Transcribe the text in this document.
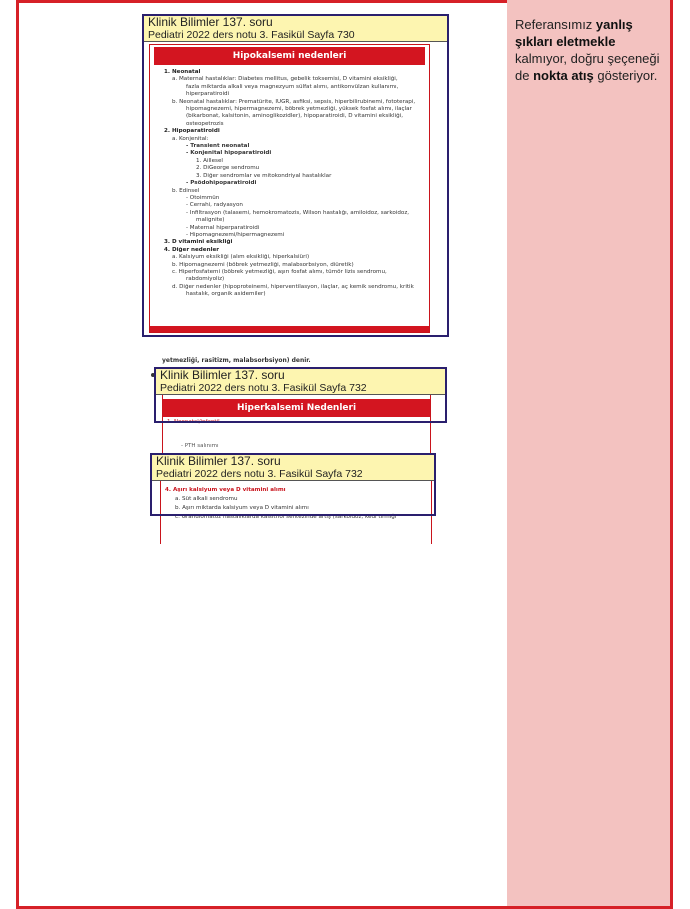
Referansımız yanlış şıkları eletmekle kalmıyor, doğru şeçeneği de nokta atış gösteriyor.
Hipokalsemi nedenleri
1. Neonatal
a. Maternal hastalıklar: Diabetes mellitus, gebelik toksemisi, D vitamini eksikliği,
fazla miktarda alkali veya magnezyum sülfat alımı, antikonvülzan kullanımı,
hiperparatiroidi
b. Neonatal hastalıklar: Prematürite, IUGR, asfiksi, sepsis, hiperbilirubinemi, fototerapi,
hipomagnezemi, hipermagnezemi, böbrek yetmezliği, yüksek fosfat alımı, ilaçlar
(bikarbonat, kalsitonin, aminoglikozidler), hipoparatiroidi, D vitamini eksikliği,
osteopetrozis
2. Hipoparatiroidi
a. Konjenital:
- Transient neonatal
- Konjenital hipoparatiroidi
1. Aillesel
2. DiGeorge sendromu
3. Diğer sendromlar ve mitokondriyal hastalıklar
- Psödohipoparatiroidi
b. Edinsel
- Otoimmün
- Cerrahi, radyasyon
- İnfiltrasyon (talasemi, hemokromatozis, Wilson hastalığı, amiloidoz, sarkoidoz,
malignite)
- Maternal hiperparatiroidi
- Hipomagnezemi/hipermagnezemi
3. D vitamini eksikliği
4. Diğer nedenler
a. Kalsiyum eksikliği (alım eksikliği, hiperkalsiüri)
b. Hipomagnezemi (böbrek yetmezliği, malabsorbsiyon, diüretik)
c. Hiperfosfatemi (böbrek yetmezliği, aşırı fosfat alımı, tümör lizis sendromu,
rabdomiyoliz)
d. Diğer nedenler (hipoproteinemi, hiperventilasyon, ilaçlar, aç kemik sendromu, kritik
hastalık, organik asidemiler)
yetmezliği, rasitizm, malabsorbsiyon) denir.
Hiperkalsemi Nedenleri
1. Neonatal/infantil
- PTH salınımı
4. Aşırı kalsiyum veya D vitamini alımı
a. Süt alkali sendromu
b. Aşırı miktarda kalsiyum veya D vitamini alımı
c. Granülomatöz hastalıklarda kalsitriol sentezinde artış (sarkoidoz, kedi tırmığı
Klinik Bilimler 137. soru
Pediatri 2022 ders notu 3. Fasikül Sayfa 730
Klinik Bilimler 137. soru
Pediatri 2022 ders notu 3. Fasikül Sayfa 732
Klinik Bilimler 137. soru
Pediatri 2022 ders notu 3. Fasikül Sayfa 732
